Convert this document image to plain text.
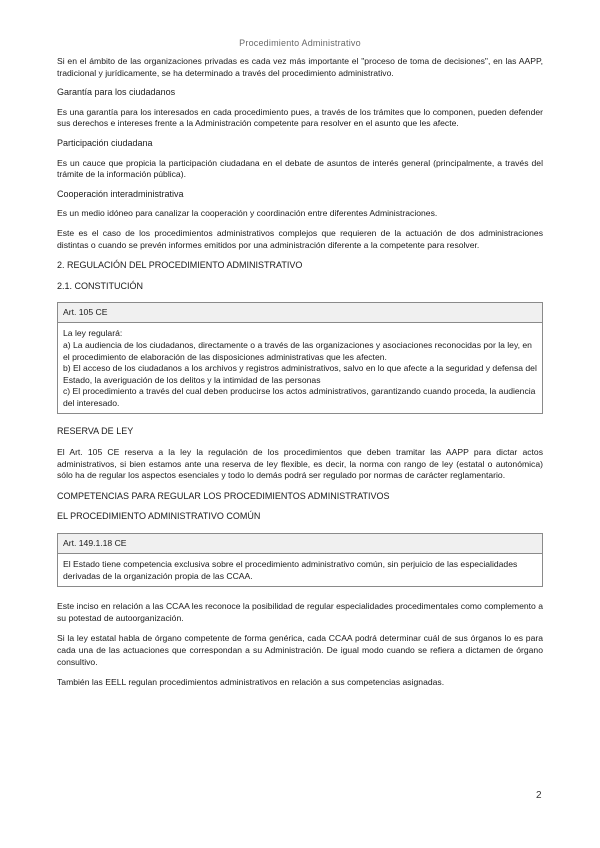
Procedimiento Administrativo

Si en el ámbito de las organizaciones privadas es cada vez más importante el "proceso de toma de decisiones", en las AAPP, tradicional y jurídicamente, se ha determinado a través del procedimiento administrativo.

Garantía para los ciudadanos

Es una garantía para los interesados en cada procedimiento pues, a través de los trámites que lo componen, pueden defender sus derechos e intereses frente a la Administración competente para resolver en el asunto que les afecte.

Participación ciudadana

Es un cauce que propicia la participación ciudadana en el debate de asuntos de interés general (principalmente, a través del trámite de la información pública).

Cooperación interadministrativa

Es un medio idóneo para canalizar la cooperación y coordinación entre diferentes Administraciones.

Este es el caso de los procedimientos administrativos complejos que requieren de la actuación de dos administraciones distintas o cuando se prevén informes emitidos por una administración diferente a la competente para resolver.

2. REGULACIÓN DEL PROCEDIMIENTO ADMINISTRATIVO

2.1. CONSTITUCIÓN

Art. 105 CE

La ley regulará:

a) La audiencia de los ciudadanos, directamente o a través de las organizaciones y asociaciones reconocidas por la ley, en el procedimiento de elaboración de las disposiciones administrativas que les afecten.

b) El acceso de los ciudadanos a los archivos y registros administrativos, salvo en lo que afecte a la seguridad y defensa del Estado, la averiguación de los delitos y la intimidad de las personas

c) El procedimiento a través del cual deben producirse los actos administrativos, garantizando cuando proceda, la audiencia del interesado.

RESERVA DE LEY

El Art. 105 CE reserva a la ley la regulación de los procedimientos que deben tramitar las AAPP para dictar actos administrativos, si bien estamos ante una reserva de ley flexible, es decir, la norma con rango de ley (estatal o autonómica) sólo ha de regular los aspectos esenciales y todo lo demás podrá ser regulado por normas de carácter reglamentario.

COMPETENCIAS PARA REGULAR LOS PROCEDIMIENTOS ADMINISTRATIVOS

EL PROCEDIMIENTO ADMINISTRATIVO COMÚN

Art. 149.1.18 CE

El Estado tiene competencia exclusiva sobre el procedimiento administrativo común, sin perjuicio de las especialidades derivadas de la organización propia de las CCAA.

Este inciso en relación a las CCAA les reconoce la posibilidad de regular especialidades procedimentales como complemento a su potestad de autoorganización.

Si la ley estatal habla de órgano competente de forma genérica, cada CCAA podrá determinar cuál de sus órganos lo es para cada una de las actuaciones que correspondan a su Administración. De igual modo cuando se refiera a dictamen de órgano consultivo.

También las EELL regulan procedimientos administrativos en relación a sus competencias asignadas.

2
